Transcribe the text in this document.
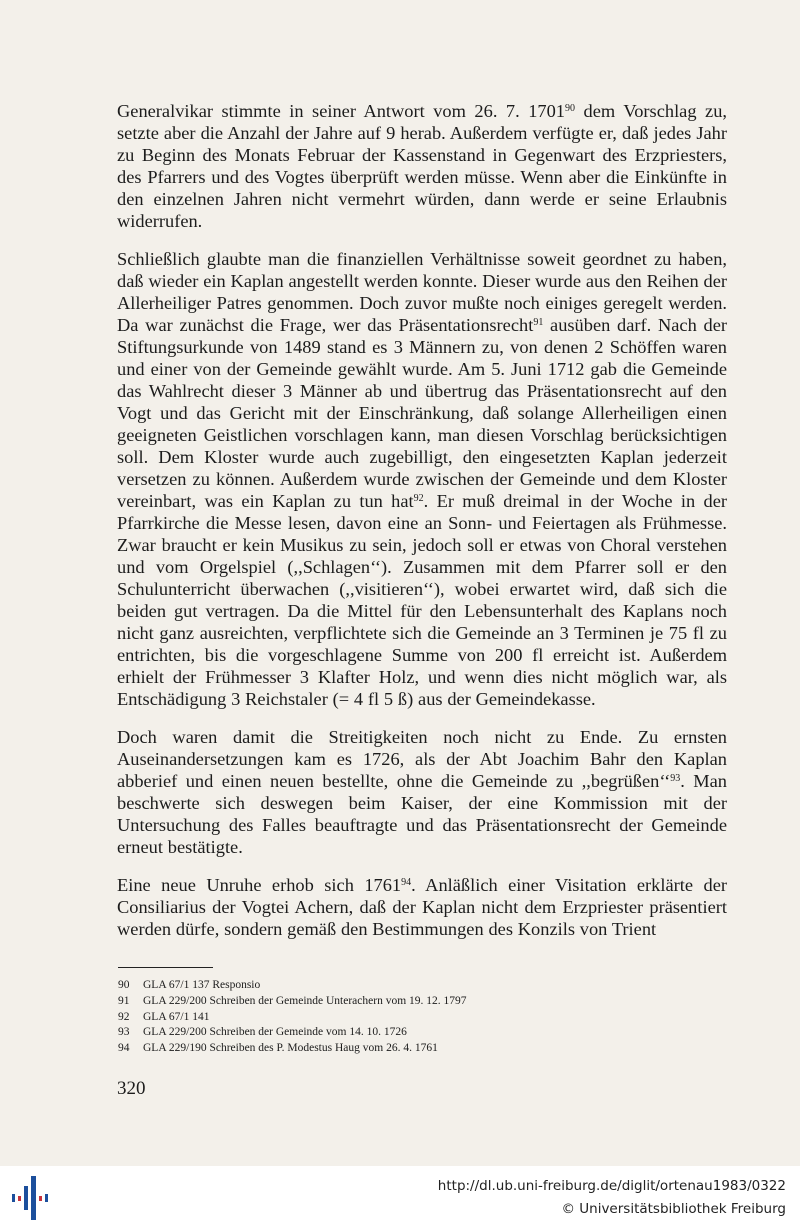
Generalvikar stimmte in seiner Antwort vom 26. 7. 1701$^{90}$ dem Vorschlag zu, setzte aber die Anzahl der Jahre auf 9 herab. Außerdem verfügte er, daß jedes Jahr zu Beginn des Monats Februar der Kassenstand in Gegenwart des Erzpriesters, des Pfarrers und des Vogtes überprüft werden müsse. Wenn aber die Einkünfte in den einzelnen Jahren nicht vermehrt würden, dann werde er seine Erlaubnis widerrufen.

Schließlich glaubte man die finanziellen Verhältnisse soweit geordnet zu haben, daß wieder ein Kaplan angestellt werden konnte. Dieser wurde aus den Reihen der Allerheiliger Patres genommen. Doch zuvor mußte noch einiges geregelt werden. Da war zunächst die Frage, wer das Präsentationsrecht$^{91}$ ausüben darf. Nach der Stiftungsurkunde von 1489 stand es 3 Männern zu, von denen 2 Schöffen waren und einer von der Gemeinde gewählt wurde. Am 5. Juni 1712 gab die Gemeinde das Wahlrecht dieser 3 Männer ab und übertrug das Präsentationsrecht auf den Vogt und das Gericht mit der Einschränkung, daß solange Allerheiligen einen geeigneten Geistlichen vorschlagen kann, man diesen Vorschlag berücksichtigen soll. Dem Kloster wurde auch zugebilligt, den eingesetzten Kaplan jederzeit versetzen zu können. Außerdem wurde zwischen der Gemeinde und dem Kloster vereinbart, was ein Kaplan zu tun hat$^{92}$. Er muß dreimal in der Woche in der Pfarrkirche die Messe lesen, davon eine an Sonn- und Feiertagen als Frühmesse. Zwar braucht er kein Musikus zu sein, jedoch soll er etwas von Choral verstehen und vom Orgelspiel (,,Schlagen‘‘). Zusammen mit dem Pfarrer soll er den Schulunterricht überwachen (,,visitieren‘‘), wobei erwartet wird, daß sich die beiden gut vertragen. Da die Mittel für den Lebensunterhalt des Kaplans noch nicht ganz ausreichten, verpflichtete sich die Gemeinde an 3 Terminen je 75 fl zu entrichten, bis die vorgeschlagene Summe von 200 fl erreicht ist. Außerdem erhielt der Frühmesser 3 Klafter Holz, und wenn dies nicht möglich war, als Entschädigung 3 Reichstaler (= 4 fl 5 ß) aus der Gemeindekasse.

Doch waren damit die Streitigkeiten noch nicht zu Ende. Zu ernsten Auseinandersetzungen kam es 1726, als der Abt Joachim Bahr den Kaplan abberief und einen neuen bestellte, ohne die Gemeinde zu ,,begrüßen‘‘$^{93}$. Man beschwerte sich deswegen beim Kaiser, der eine Kommission mit der Untersuchung des Falles beauftragte und das Präsentationsrecht der Gemeinde erneut bestätigte.

Eine neue Unruhe erhob sich 1761$^{94}$. Anläßlich einer Visitation erklärte der Consiliarius der Vogtei Achern, daß der Kaplan nicht dem Erzpriester präsentiert werden dürfe, sondern gemäß den Bestimmungen des Konzils von Trient

90 GLA 67/1 137 Responsio
91 GLA 229/200 Schreiben der Gemeinde Unterachern vom 19. 12. 1797
92 GLA 67/1 141
93 GLA 229/200 Schreiben der Gemeinde vom 14. 10. 1726
94 GLA 229/190 Schreiben des P. Modestus Haug vom 26. 4. 1761
320
http://dl.ub.uni-freiburg.de/diglit/ortenau1983/0322
© Universitätsbibliothek Freiburg
